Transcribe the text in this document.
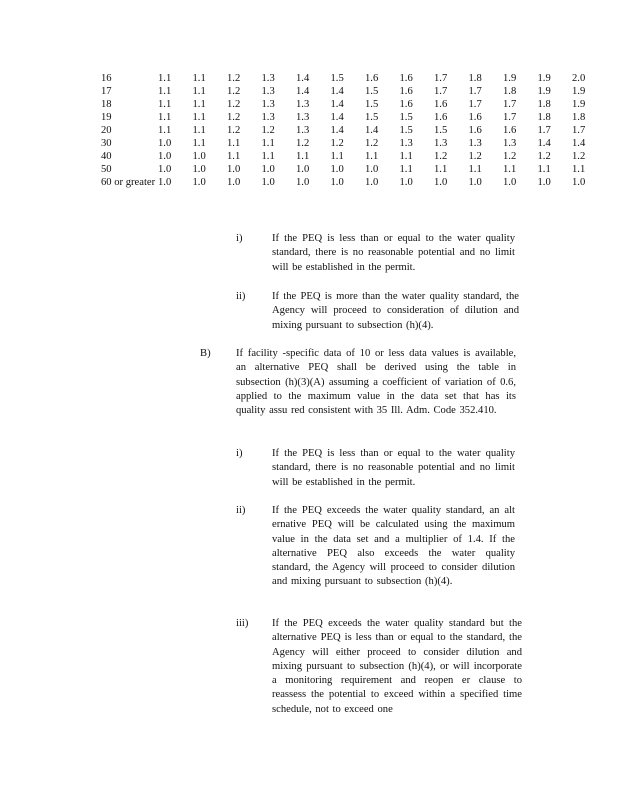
16	1.1	1.1	1.2	1.3	1.4	1.5	1.6	1.6	1.7	1.8	1.9	1.9	2.0
17	1.1	1.1	1.2	1.3	1.4	1.4	1.5	1.6	1.7	1.7	1.8	1.9	1.9
18	1.1	1.1	1.2	1.3	1.3	1.4	1.5	1.6	1.6	1.7	1.7	1.8	1.9
19	1.1	1.1	1.2	1.3	1.3	1.4	1.5	1.5	1.6	1.6	1.7	1.8	1.8
20	1.1	1.1	1.2	1.2	1.3	1.4	1.4	1.5	1.5	1.6	1.6	1.7	1.7
30	1.0	1.1	1.1	1.1	1.2	1.2	1.2	1.3	1.3	1.3	1.3	1.4	1.4
40	1.0	1.0	1.1	1.1	1.1	1.1	1.1	1.1	1.2	1.2	1.2	1.2	1.2
50	1.0	1.0	1.0	1.0	1.0	1.0	1.0	1.1	1.1	1.1	1.1	1.1	1.1
60 or greater	1.0	1.0	1.0	1.0	1.0	1.0	1.0	1.0	1.0	1.0	1.0	1.0	1.0
i)	If the PEQ is less than or equal to the water quality standard, there is no reasonable potential and no limit will be established in the permit.
ii)	If the PEQ is more than the water quality standard, the Agency will proceed to consideration of dilution and mixing pursuant to subsection (h)(4).
B) If facility -specific data of 10 or less data values is available, an alternative PEQ shall be derived using the table in subsection (h)(3)(A) assuming a coefficient of variation of 0.6, applied to the maximum value in the data set that has its quality assu red consistent with 35 Ill. Adm. Code 352.410.
i)	If the PEQ is less than or equal to the water quality standard, there is no reasonable potential and no limit will be established in the permit.
ii)	If the PEQ exceeds the water quality standard, an alt ernative PEQ will be calculated using the maximum value in the data set and a multiplier of 1.4. If the alternative PEQ also exceeds the water quality standard, the Agency will proceed to consider dilution and mixing pursuant to subsection (h)(4).
iii) If the PEQ exceeds the water quality standard but the alternative PEQ is less than or equal to the standard, the Agency will either proceed to consider dilution and mixing pursuant to subsection (h)(4), or will incorporate a monitoring requirement and reopen er clause to reassess the potential to exceed within a specified time schedule, not to exceed one
